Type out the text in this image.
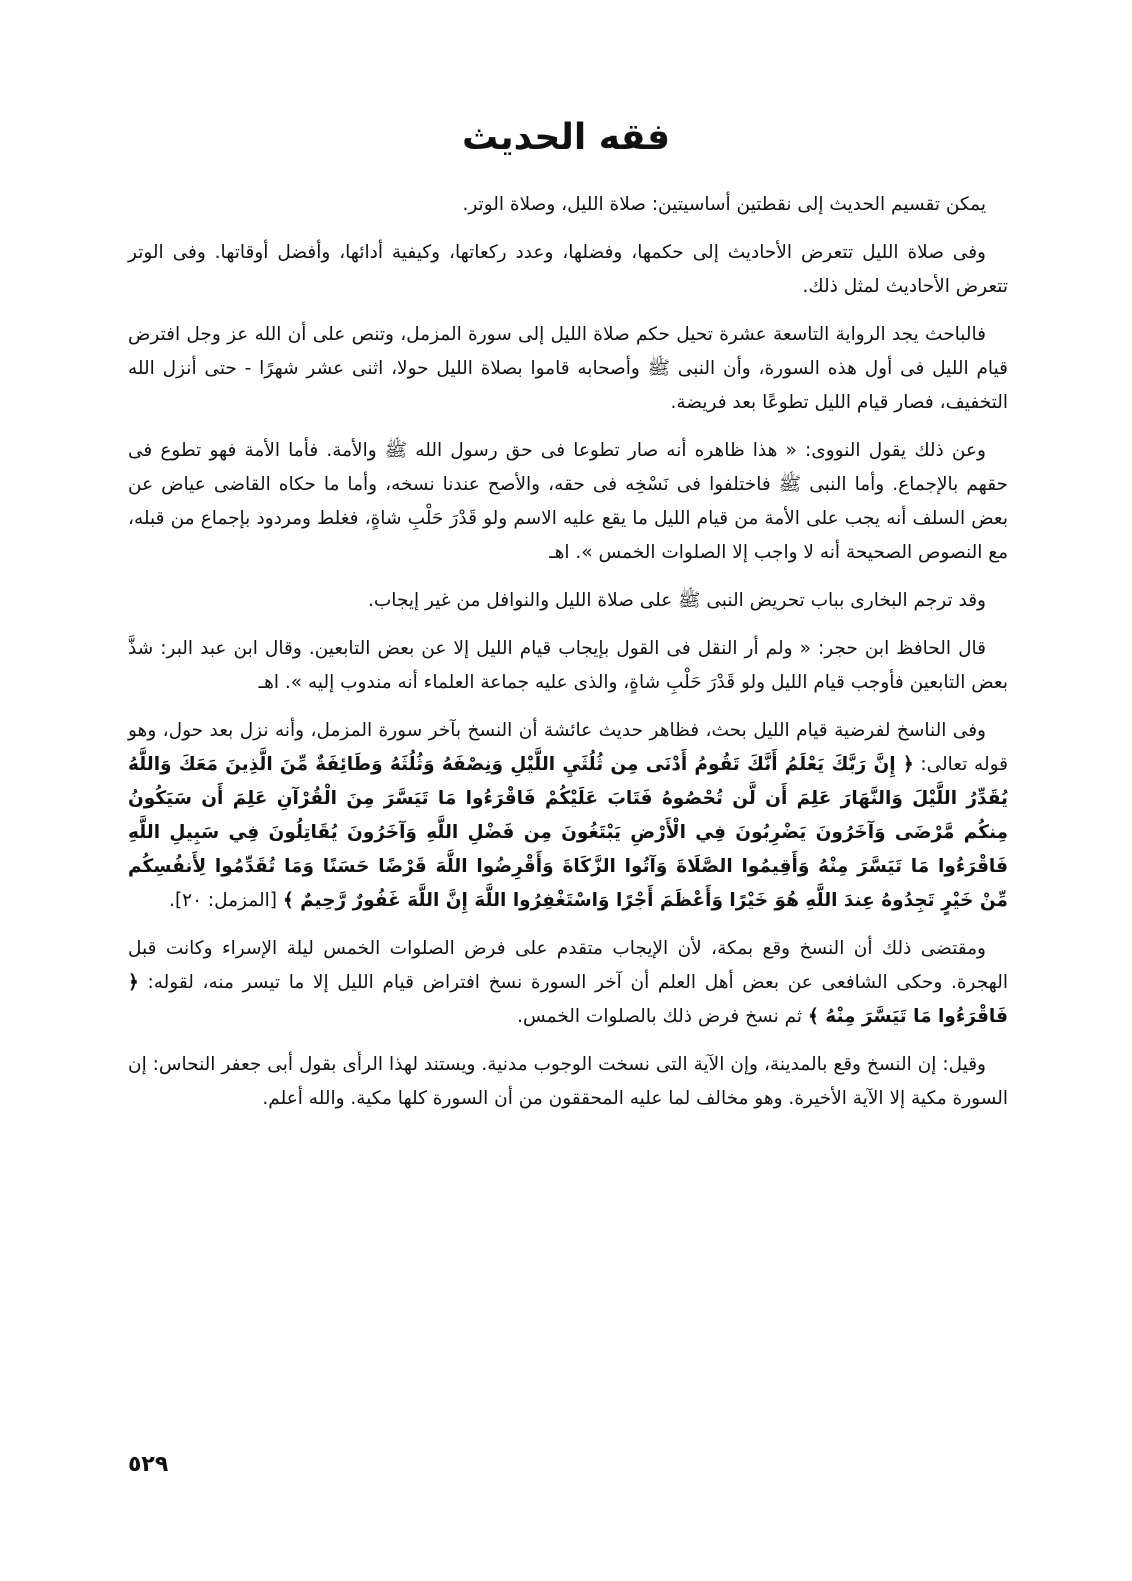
فقه الحديث

يمكن تقسيم الحديث إلى نقطتين أساسيتين: صلاة الليل، وصلاة الوتر.

وفى صلاة الليل تتعرض الأحاديث إلى حكمها، وفضلها، وعدد ركعاتها، وكيفية أدائها، وأفضل أوقاتها. وفى الوتر تتعرض الأحاديث لمثل ذلك.

فالباحث يجد الرواية التاسعة عشرة تحيل حكم صلاة الليل إلى سورة المزمل، وتنص على أن الله عز وجل افترض قيام الليل فى أول هذه السورة، وأن النبى ﷺ وأصحابه قاموا بصلاة الليل حولا، اثنى عشر شهرًا - حتى أنزل الله التخفيف، فصار قيام الليل تطوعًا بعد فريضة.

وعن ذلك يقول النووى: « هذا ظاهره أنه صار تطوعا فى حق رسول الله ﷺ والأمة. فأما الأمة فهو تطوع فى حقهم بالإجماع. وأما النبى ﷺ فاختلفوا فى نَسْخِه فى حقه، والأصح عندنا نسخه، وأما ما حكاه القاضى عياض عن بعض السلف أنه يجب على الأمة من قيام الليل ما يقع عليه الاسم ولو قَدْرَ حَلْبِ شاةٍ، فغلط ومردود بإجماع من قبله، مع النصوص الصحيحة أنه لا واجب إلا الصلوات الخمس ». اهـ

وقد ترجم البخارى بباب تحريض النبى ﷺ على صلاة الليل والنوافل من غير إيجاب.

قال الحافظ ابن حجر: « ولم أر النقل فى القول بإيجاب قيام الليل إلا عن بعض التابعين. وقال ابن عبد البر: شذَّ بعض التابعين فأوجب قيام الليل ولو قَدْرَ حَلْبِ شاةٍ، والذى عليه جماعة العلماء أنه مندوب إليه ». اهـ

وفى الناسخ لفرضية قيام الليل بحث، فظاهر حديث عائشة أن النسخ بآخر سورة المزمل، وأنه نزل بعد حول، وهو قوله تعالى: ﴿ إِنَّ رَبَّكَ يَعْلَمُ أَنَّكَ تَقُومُ أَدْنَى مِن ثُلُثَيِ اللَّيْلِ وَنِصْفَهُ وَثُلُثَهُ وَطَائِفَةٌ مِّنَ الَّذِينَ مَعَكَ وَاللَّهُ يُقَدِّرُ اللَّيْلَ وَالنَّهَارَ عَلِمَ أَن لَّن تُحْصُوهُ فَتَابَ عَلَيْكُمْ فَاقْرَءُوا مَا تَيَسَّرَ مِنَ الْقُرْآنِ عَلِمَ أَن سَيَكُونُ مِنكُم مَّرْضَى وَآخَرُونَ يَضْرِبُونَ فِي الْأَرْضِ يَبْتَغُونَ مِن فَضْلِ اللَّهِ وَآخَرُونَ يُقَاتِلُونَ فِي سَبِيلِ اللَّهِ فَاقْرَءُوا مَا تَيَسَّرَ مِنْهُ وَأَقِيمُوا الصَّلَاةَ وَآتُوا الزَّكَاةَ وَأَقْرِضُوا اللَّهَ قَرْضًا حَسَنًا وَمَا تُقَدِّمُوا لِأَنفُسِكُم مِّنْ خَيْرٍ تَجِدُوهُ عِندَ اللَّهِ هُوَ خَيْرًا وَأَعْظَمَ أَجْرًا وَاسْتَغْفِرُوا اللَّهَ إِنَّ اللَّهَ غَفُورٌ رَّحِيمٌ ﴾ [المزمل: ٢٠].

ومقتضى ذلك أن النسخ وقع بمكة، لأن الإيجاب متقدم على فرض الصلوات الخمس ليلة الإسراء وكانت قبل الهجرة. وحكى الشافعى عن بعض أهل العلم أن آخر السورة نسخ افتراض قيام الليل إلا ما تيسر منه، لقوله: ﴿ فَاقْرَءُوا مَا تَيَسَّرَ مِنْهُ ﴾ ثم نسخ فرض ذلك بالصلوات الخمس.

وقيل: إن النسخ وقع بالمدينة، وإن الآية التى نسخت الوجوب مدنية. ويستند لهذا الرأى بقول أبى جعفر النحاس: إن السورة مكية إلا الآية الأخيرة. وهو مخالف لما عليه المحققون من أن السورة كلها مكية. والله أعلم.

٥٢٩
